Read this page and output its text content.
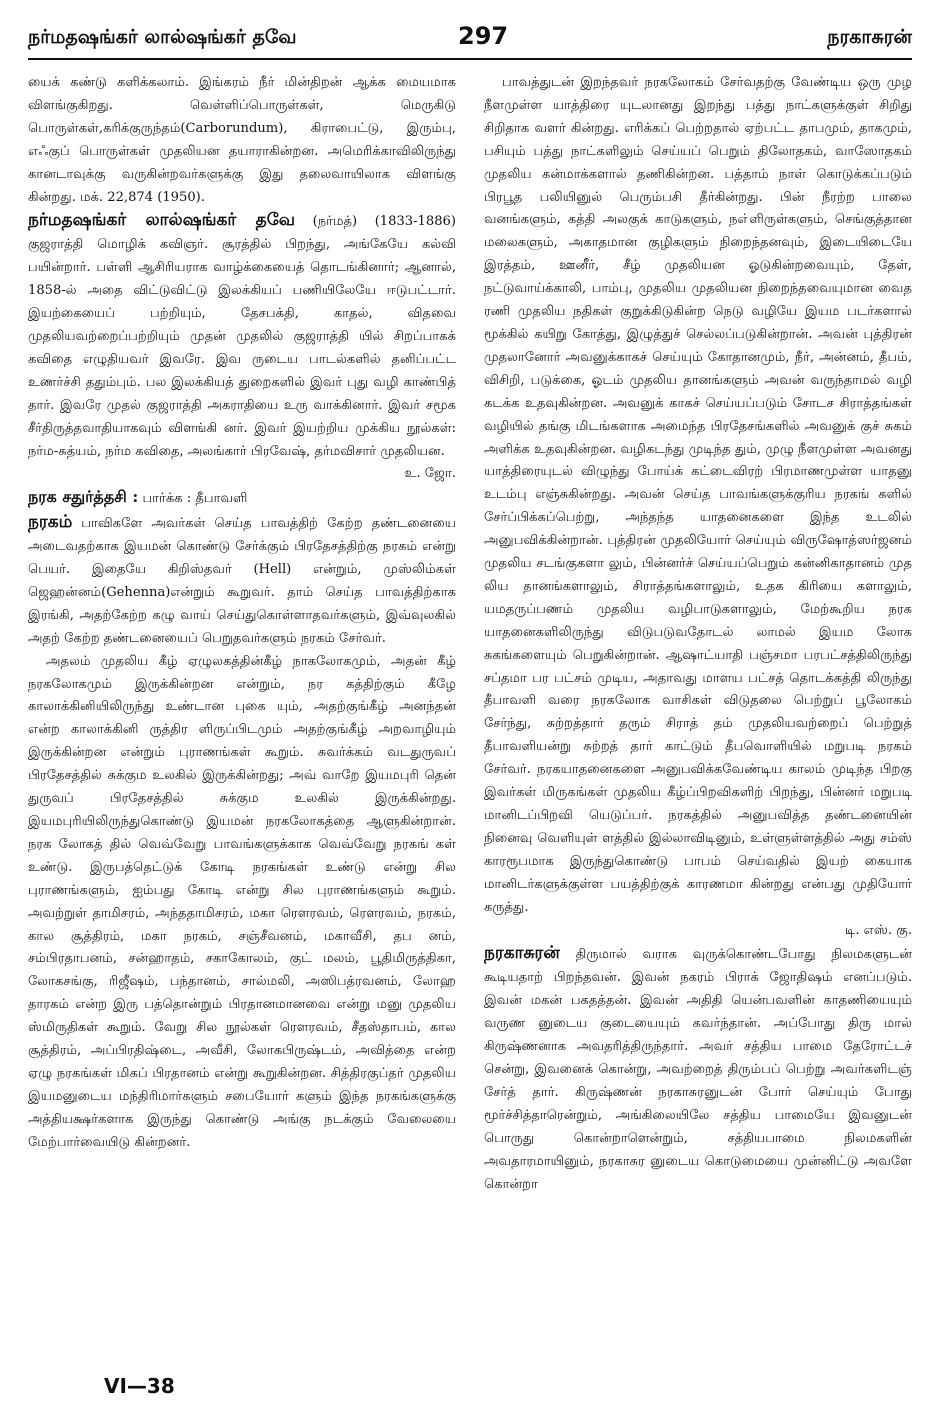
நர்மதஷங்கர் லால்ஷங்கர் தவே	297	நரகாசுரன்

யைக் கண்டு களிக்கலாம். இங்கரம் நீர் மின்திறன் ஆக்க மையமாக விளங்குகிறது. வெள்ளிப்பொருள்கள், மெருகிடு பொருள்கள்,கரிக்குருந்தம்(Carborundum), கிராபைட்டு, இரும்பு, எஃகுப் பொருள்கள் முதலியன தயாராகின்றன. அமெரிக்காவிலிருந்து கானடாவுக்கு வருகின்றவர்களுக்கு இது தலைவாயிலாக விளங்கு கின்றது. மக். 22,874 (1950).

நர்மதஷங்கர் லால்ஷங்கர் தவே (நர்மத்) (1833-1886) குஜராத்தி மொழிக் கவிஞர். சூரத்தில் பிறந்து, அங்கேயே கல்வி பயின்றார். பள்ளி ஆசிரியராக வாழ்க்கையைத் தொடங்கினார்; ஆனால், 1858-ல் அதை விட்டுவிட்டு இலக்கியப் பணியிலேயே ஈடுபட்டார். இயற்கையைப் பற்றியும், தேசபக்தி, காதல், விதவை முதலியவற்றைப்பற்றியும் முதன் முதலில் குஜராத்தி யில் சிறப்பாகக் கவிதை எழுதியவர் இவரே. இவ ருடைய பாடல்களில் தனிப்பட்ட உணர்ச்சி ததும்பும். பல இலக்கியத் துறைகளில் இவர் புது வழி காண்பித் தார். இவரே முதல் குஜராத்தி அகராதியை உரு வாக்கினார். இவர் சமூக சீர்திருத்தவாதியாகவும் விளங்கி னர். இவர் இயற்றிய முக்கிய நூல்கள்: நர்ம-சுத்யம், நர்ம கவிதை, அலங்கார் பிரவேஷ், தர்மவிசார் முதலியன.
உ. ஜோ.

நரக சதுர்த்தசி : பார்க்க : தீபாவளி

நரகம் பாவிகளே அவர்கள் செய்த பாவத்திற் கேற்ற தண்டனையை அடைவதற்காக இயமன் கொண்டு சேர்க்கும் பிரதேசத்திற்கு நரகம் என்று பெயர். இதையே கிறிஸ்தவர் (Hell) என்றும், முஸ்லிம்கள் ஜெஹன்னம்(Gehenna)என்றும் கூறுவர். தாம் செய்த பாவத்திற்காக இரங்கி, அதற்கேற்ற கழு வாய் செய்துகொள்ளாதவர்களும், இவ்வுலகில் அதற் கேற்ற தண்டனையைப் பெறுதவர்களும் நரகம் சேர்வர்.

அதலம் முதலிய கீழ் ஏழுலகத்தின்கீழ் நாகலோகமும், அதன் கீழ் நரகலோகமும் இருக்கின்றன என்றும், நர கத்திற்கும் கீழே காலாக்கினியிலிருந்து உண்டான புகை யும், அதற்குங்கீழ் அனந்தன் என்ற காலாக்கினி ருத்திர ளிருப்பிடமும் அதற்குங்கீழ் அறவாழியும் இருக்கின்றன என்றும் புராணங்கள் கூறும். சுவர்க்கம் வடதுருவப் பிரதேசத்தில் சுக்கும உலகில் இருக்கின்றது; அவ் வாறே இயமபுரி தென் துருவப் பிரதேசத்தில் சுக்கும உலகில் இருக்கின்றது. இயமபுரியிலிருந்துகொண்டு இயமன் நரகலோகத்தை ஆளுகின்றான். நரக லோகத் தில் வெவ்வேறு பாவங்களுக்காக வெவ்வேறு நரகங் கள் உண்டு. இருபத்தெட்டுக் கோடி நரகங்கள் உண்டு என்று சில புராணங்களும், ஐம்பது கோடி என்று சில புராணங்களும் கூறும். அவற்றுள் தாமிசரம், அந்ததாமிசரம், மகா ரௌரவம், ரௌரவம், நரகம், கால சூத்திரம், மகா நரகம், சஞ்சீவனம், மகாவீசி, தப னம், சம்பிரதாபனம், சன்ஹாதம், சகாகோலம், குட் மலம், பூதிமிருத்திகா, லோகசங்கு, ரிஜீஷம், பந்தானம், சால்மலி, அஸிபத்ரவனம், லோஹ தாரகம் என்ற இரு பத்தொன்றும் பிரதானமானவை என்று மனு முதலிய ஸ்மிருதிகள் கூறும். வேறு சில நூல்கள் ரௌரவம், சீதஸ்தாபம், கால சூத்திரம், அப்பிரதிஷ்டை, அவீசி, லோகபிருஷ்டம், அவித்தை என்ற ஏழு நரகங்கள் மிகப் பிரதானம் என்று கூறுகின்றன. சித்திரகுப்தர் முதலிய இயமனுடைய மந்திரிமார்களும் சபையோர் களும் இந்த நரகங்களுக்கு அத்தியக்ஷர்களாக இருந்து கொண்டு அங்கு நடக்கும் வேலையை மேற்பார்வையிடு கின்றனர்.

பாவத்துடன் இறந்தவர் நரகலோகம் சேர்வதற்கு வேண்டிய ஒரு முழ நீளமுள்ள யாத்திரை யுடலானது இறந்து பத்து நாட்களுக்குள் சிறிது சிறிதாக வளர் கின்றது. எரிக்கப் பெற்றதால் ஏற்பட்ட தாபமும், தாகமும், பசியும் பத்து நாட்களிலும் செய்யப் பெறும் திலோதகம், வாஸோதகம் முதலிய கன்மாக்களால் தணிகின்றன. பத்தாம் நாள் கொடுக்கப்படும் பிரபூத பலியினுல் பெரும்பசி தீர்கின்றது. பின் நீரற்ற பாலை வனங்களும், கத்தி அலகுக் காடுகளும், நஎ்ளிருள்களும், செங்குத்தான மலைகளும், அகாதமான குழிகளும் நிறைந்தனவும், இடையிடையே இரத்தம், ஊனீர், சீழ் முதலியன ஓடுகின்றவையும், தேள், நட்டுவாய்க்காலி, பாம்பு, முதலிய முதலியன நிறைந்தவையுமான வைத ரணி முதலிய நதிகள் குறுக்கிடுகின்ற நெடு வழியே இயம படர்களால் மூக்கில் கயிறு கோத்து, இழுத்துச் செல்லப்படுகின்றான். அவன் புத்திரன் முதலானோர் அவனுக்காகச் செய்யும் கோதானமும், நீர், அன்னம், தீபம், விசிறி, படுக்கை, ஓடம் முதலிய தானங்களும் அவன் வருந்தாமல் வழி கடக்க உதவுகின்றன. அவனுக் காகச் செய்யப்படும் சோடச சிராத்தங்கள் வழியில் தங்கு மிடங்களாக அமைந்த பிரதேசங்களில் அவனுக் குச் சுகம் அளிக்க உதவுகின்றன. வழிகடந்து முடிந்த தும், முழு நீளமுள்ள அவனது யாத்திரையுடல் விழுந்து போய்க் கட்டைவிரற் பிரமாணமுள்ள யாதனு உடம்பு எஞ்சுகின்றது. அவன் செய்த பாவங்களுக்குரிய நரகங் களில் சேர்ப்பிக்கப்பெற்று, அந்தந்த யாதனைகளை இந்த உடலில் அனுபவிக்கின்றான். புத்திரன் முதலியோர் செய்யும் விருஷோத்ஸர்ஜனம் முதலிய சடங்குகளா லும், பின்னர்ச் செய்யப்பெறும் கன்னிகாதானம் முத லிய தானங்களாலும், சிராத்தங்களாலும், உதக கிரியை களாலும், யமதருப்பணம் முதலிய வழிபாடுகளாலும், மேற்கூறிய நரக யாதனைகளிலிருந்து விடுபடுவதோடல் லாமல் இயம லோக சுகங்களையும் பெறுகின்றான். ஆஷாட்யாதி பஞ்சமா பரபட்சத்திலிருந்து சப்தமா பர பட்சம் முடிய, அதாவது மாளய பட்சத் தொடக்கத்தி லிருந்து தீபாவளி வரை நரகலோக வாசிகள் விடுதலை பெற்றுப் பூலோகம் சேர்ந்து, சுற்றத்தார் தரும் சிராத் தம் முதலியவற்றைப் பெற்றுத் தீபாவளியன்று சுற்றத் தார் காட்டும் தீபவொளியில் மறுபடி நரகம் சேர்வர். நரகயாதனைகளை அனுபவிக்கவேண்டிய காலம் முடிந்த பிறகு இவர்கள் மிருகங்கள் முதலிய கீழ்ப்பிறவிகளிற் பிறந்து, பின்னர் மறுபடி மானிடப்பிறவி யெடுப்பர். நரகத்தில் அனுபவித்த தண்டனையின் நினைவு வெளியுள் ளத்தில் இல்லாவிடினும், உள்ளுள்ளத்தில் அது சம்ஸ் காரரூபமாக இருந்துகொண்டு பாபம் செய்வதில் இயற் கையாக மானிடர்களுக்குள்ள பயத்திற்குக் காரணமா கின்றது என்பது முதியோர் கருத்து.
டி. எஸ். கு.

நரகாசுரன் திருமால் வராக வுருக்கொண்டபோது நிலமகளுடன் கூடியதாற் பிறந்தவன். இவன் நகரம் பிராக் ஜோதிஷம் எனப்படும். இவன் மகன் பகதத்தன். இவன் அதிதி யென்பவளின் காதணியையும் வருண னுடைய குடையையும் கவர்ந்தான். அப்போது திரு மால் கிருஷ்ணனாக அவதரித்திருந்தார். அவர் சத்திய பாமை தேரோட்டச் சென்று, இவனைக் கொன்று, அவற்றைத் திரும்பப் பெற்று அவர்களிடஞ் சேர்த் தார். கிருஷ்ணன் நரகாசுரனுடன் போர் செய்யும் போது மூர்ச்சித்தாரென்றும், அங்கிலையிலே சத்திய பாமையே இவனுடன் பொருது கொன்றாளென்றும், சத்தியபாமை நிலமகளின் அவதாரமாயினும், நரகாசுர னுடைய கொடுமையை முன்னிட்டு அவளே கொன்றா

VI—38
